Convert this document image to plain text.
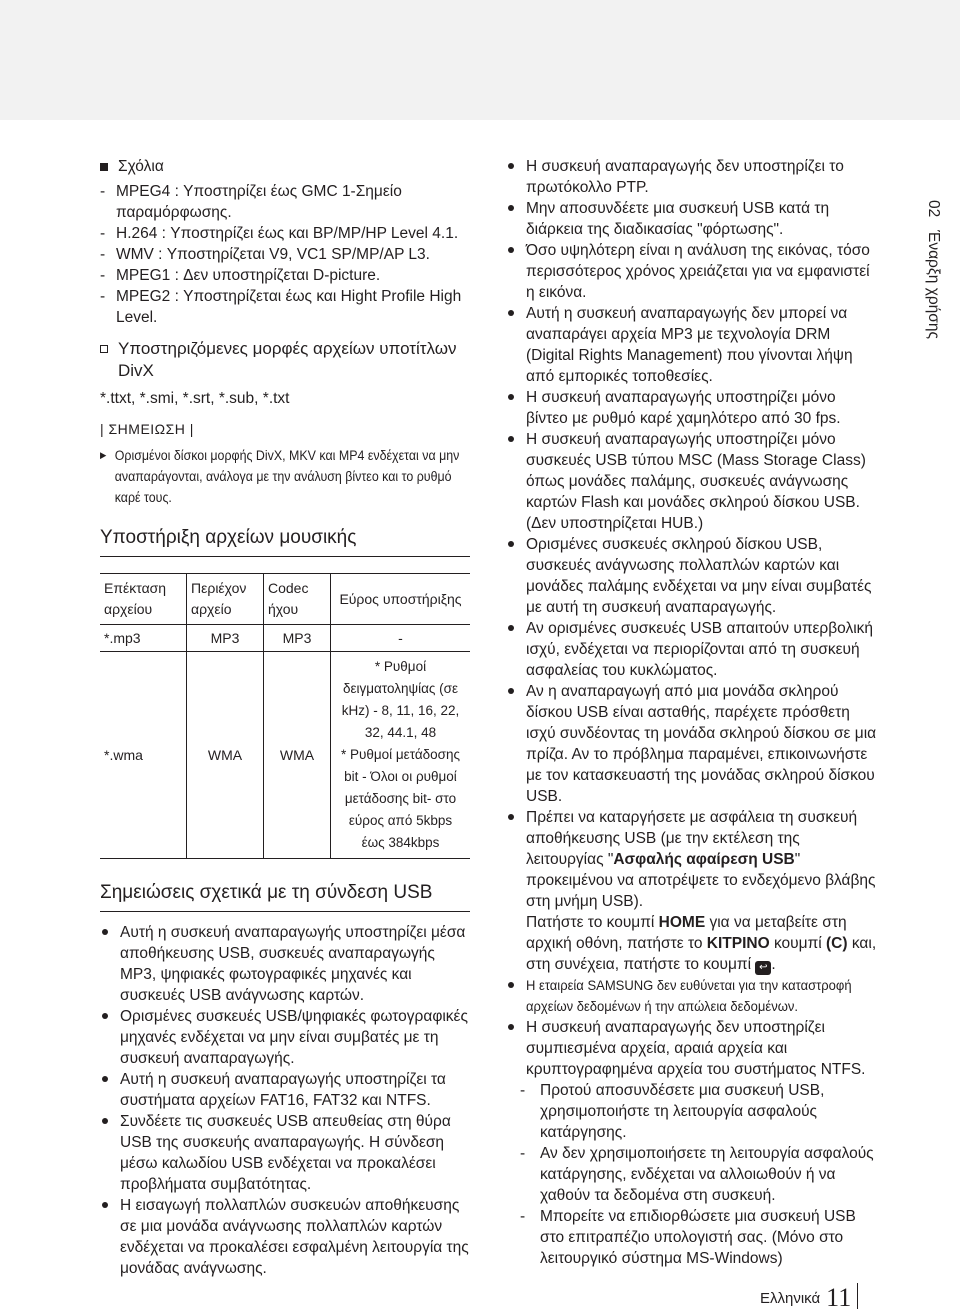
Σχόλια
- MPEG4 : Υποστηρίζει έως GMC 1-Σημείο παραμόρφωσης.
- H.264 : Υποστηρίζει έως και BP/MP/HP Level 4.1.
- WMV : Υποστηρίζεται V9, VC1 SP/MP/AP L3.
- MPEG1 : Δεν υποστηρίζεται D-picture.
- MPEG2 : Υποστηρίζεται έως και Hight Profile High Level.
Υποστηριζόμενες μορφές αρχείων υποτίτλων DivX
*.ttxt, *.smi, *.srt, *.sub, *.txt
| ΣΗΜΕΙΩΣΗ |
▶ Ορισμένοι δίσκοι μορφής DivX, MKV και MP4 ενδέχεται να μην αναπαράγονται, ανάλογα με την ανάλυση βίντεο και το ρυθμό καρέ τους.
Υποστήριξη αρχείων μουσικής
Επέκταση αρχείου	Περιέχον αρχείο	Codec ήχου	Εύρος υποστήριξης
*.mp3	MP3	MP3	-
*.wma	WMA	WMA	* Ρυθμοί δειγματοληψίας (σε kHz) - 8, 11, 16, 22, 32, 44.1, 48
* Ρυθμοί μετάδοσης bit - Όλοι οι ρυθμοί μετάδοσης bit- στο εύρος από 5kbps έως 384kbps
Σημειώσεις σχετικά με τη σύνδεση USB
Αυτή η συσκευή αναπαραγωγής υποστηρίζει μέσα αποθήκευσης USB, συσκευές αναπαραγωγής MP3, ψηφιακές φωτογραφικές μηχανές και συσκευές USB ανάγνωσης καρτών.
Ορισμένες συσκευές USB/ψηφιακές φωτογραφικές μηχανές ενδέχεται να μην είναι συμβατές με τη συσκευή αναπαραγωγής.
Αυτή η συσκευή αναπαραγωγής υποστηρίζει τα συστήματα αρχείων FAT16, FAT32 και NTFS.
Συνδέετε τις συσκευές USB απευθείας στη θύρα USB της συσκευής αναπαραγωγής. Η σύνδεση μέσω καλωδίου USB ενδέχεται να προκαλέσει προβλήματα συμβατότητας.
Η εισαγωγή πολλαπλών συσκευών αποθήκευσης σε μια μονάδα ανάγνωσης πολλαπλών καρτών ενδέχεται να προκαλέσει εσφαλμένη λειτουργία της μονάδας ανάγνωσης.
Η συσκευή αναπαραγωγής δεν υποστηρίζει το πρωτόκολλο PTP.
Μην αποσυνδέετε μια συσκευή USB κατά τη διάρκεια της διαδικασίας "φόρτωσης".
Όσο υψηλότερη είναι η ανάλυση της εικόνας, τόσο περισσότερος χρόνος χρειάζεται για να εμφανιστεί η εικόνα.
Αυτή η συσκευή αναπαραγωγής δεν μπορεί να αναπαράγει αρχεία MP3 με τεχνολογία DRM (Digital Rights Management) που γίνονται λήψη από εμπορικές τοποθεσίες.
Η συσκευή αναπαραγωγής υποστηρίζει μόνο βίντεο με ρυθμό καρέ χαμηλότερο από 30 fps.
Η συσκευή αναπαραγωγής υποστηρίζει μόνο συσκευές USB τύπου MSC (Mass Storage Class) όπως μονάδες παλάμης, συσκευές ανάγνωσης καρτών Flash και μονάδες σκληρού δίσκου USB. (Δεν υποστηρίζεται HUB.)
Ορισμένες συσκευές σκληρού δίσκου USB, συσκευές ανάγνωσης πολλαπλών καρτών και μονάδες παλάμης ενδέχεται να μην είναι συμβατές με αυτή τη συσκευή αναπαραγωγής.
Αν ορισμένες συσκευές USB απαιτούν υπερβολική ισχύ, ενδέχεται να περιορίζονται από τη συσκευή ασφαλείας του κυκλώματος.
Αν η αναπαραγωγή από μια μονάδα σκληρού δίσκου USB είναι ασταθής, παρέχετε πρόσθετη ισχύ συνδέοντας τη μονάδα σκληρού δίσκου σε μια πρίζα. Αν το πρόβλημα παραμένει, επικοινωνήστε με τον κατασκευαστή της μονάδας σκληρού δίσκου USB.
Πρέπει να καταργήσετε με ασφάλεια τη συσκευή αποθήκευσης USB (με την εκτέλεση της λειτουργίας "Ασφαλής αφαίρεση USB" προκειμένου να αποτρέψετε το ενδεχόμενο βλάβης στη μνήμη USB).
Πατήστε το κουμπί HOME για να μεταβείτε στη αρχική οθόνη, πατήστε το ΚΙΤΡΙΝΟ κουμπί (C) και, στη συνέχεια, πατήστε το κουμπί ↩ .
Η εταιρεία SAMSUNG δεν ευθύνεται για την καταστροφή αρχείων δεδομένων ή την απώλεια δεδομένων.
Η συσκευή αναπαραγωγής δεν υποστηρίζει συμπιεσμένα αρχεία, αραιά αρχεία και κρυπτογραφημένα αρχεία του συστήματος NTFS.
- Προτού αποσυνδέσετε μια συσκευή USB, χρησιμοποιήστε τη λειτουργία ασφαλούς κατάργησης.
- Αν δεν χρησιμοποιήσετε τη λειτουργία ασφαλούς κατάργησης, ενδέχεται να αλλοιωθούν ή να χαθούν τα δεδομένα στη συσκευή.
- Μπορείτε να επιδιορθώσετε μια συσκευή USB στο επιτραπέζιο υπολογιστή σας. (Μόνο στο λειτουργικό σύστημα MS-Windows)
02   Έναρξη χρήσης
Ελληνικά 11
